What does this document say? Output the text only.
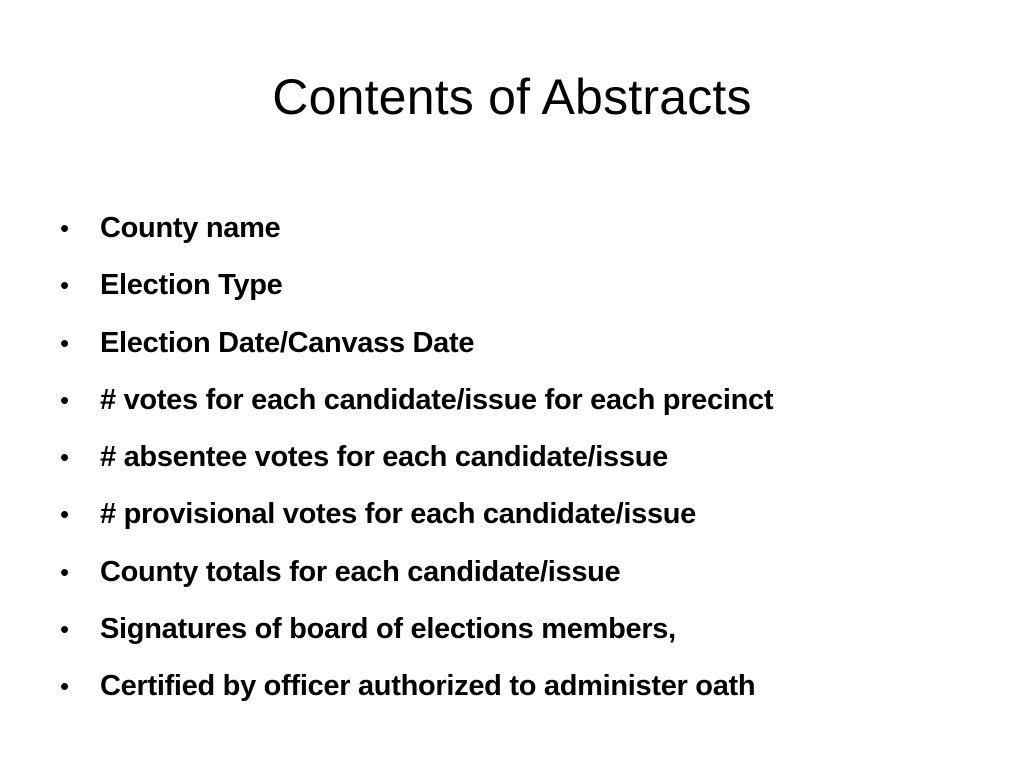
Contents of Abstracts
•	County name
•	Election Type
•	Election Date/Canvass Date
•	# votes for each candidate/issue for each precinct
•	# absentee votes for each candidate/issue
•	# provisional votes for each candidate/issue
•	County totals for each candidate/issue
•	Signatures of board of elections members,
•	Certified by officer authorized to administer oath
